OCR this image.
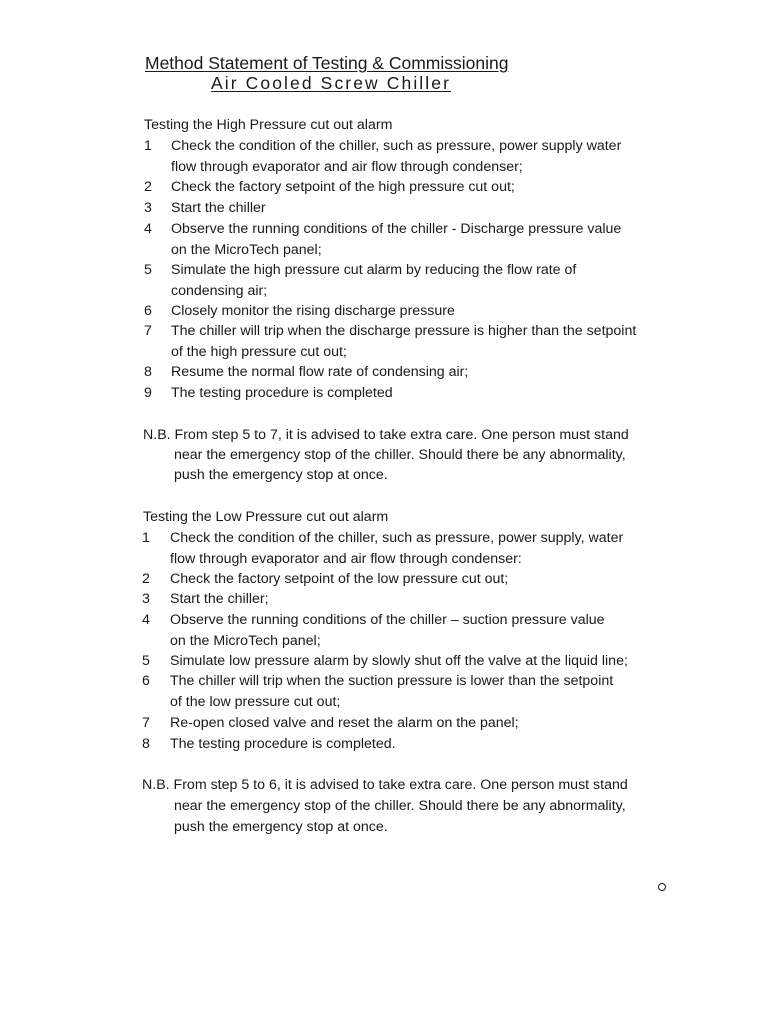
Method Statement of Testing & Commissioning
Air Cooled Screw Chiller
Testing the High Pressure cut out alarm
1 Check the condition of the chiller, such as pressure, power supply water
flow through evaporator and air flow through condenser;
2 Check the factory setpoint of the high pressure cut out;
3 Start the chiller
4 Observe the running conditions of the chiller - Discharge pressure value
on the MicroTech panel;
5 Simulate the high pressure cut alarm by reducing the flow rate of
condensing air;
6 Closely monitor the rising discharge pressure
7 The chiller will trip when the discharge pressure is higher than the setpoint
of the high pressure cut out;
8 Resume the normal flow rate of condensing air;
9 The testing procedure is completed
N.B. From step 5 to 7, it is advised to take extra care. One person must stand
near the emergency stop of the chiller. Should there be any abnormality,
push the emergency stop at once.
Testing the Low Pressure cut out alarm
1 Check the condition of the chiller, such as pressure, power supply, water
flow through evaporator and air flow through condenser:
2 Check the factory setpoint of the low pressure cut out;
3 Start the chiller;
4 Observe the running conditions of the chiller – suction pressure value
on the MicroTech panel;
5 Simulate low pressure alarm by slowly shut off the valve at the liquid line;
6 The chiller will trip when the suction pressure is lower than the setpoint
of the low pressure cut out;
7 Re-open closed valve and reset the alarm on the panel;
8 The testing procedure is completed.
N.B. From step 5 to 6, it is advised to take extra care. One person must stand
near the emergency stop of the chiller. Should there be any abnormality,
push the emergency stop at once.
